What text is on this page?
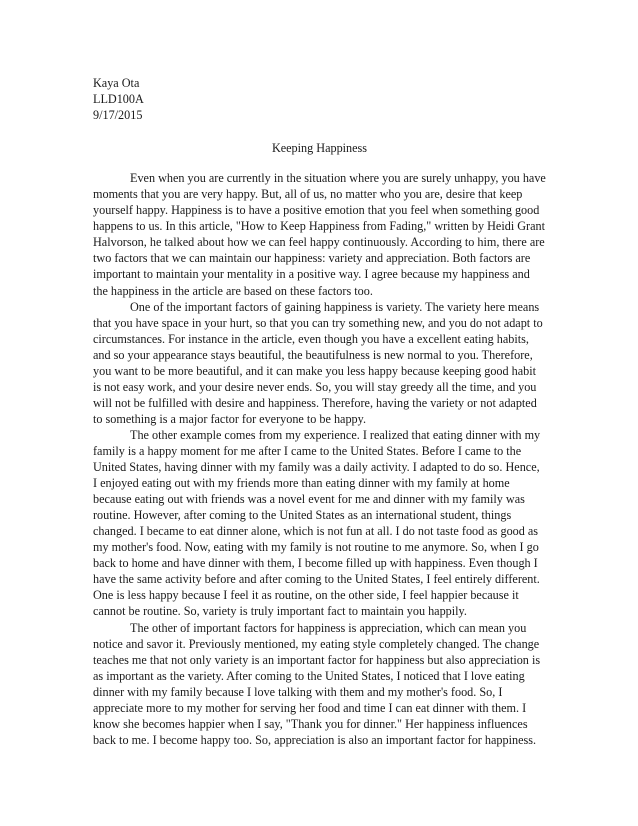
Kaya Ota
LLD100A
9/17/2015
Keeping Happiness

Even when you are currently in the situation where you are surely unhappy, you have moments that you are very happy. But, all of us, no matter who you are, desire that keep yourself happy. Happiness is to have a positive emotion that you feel when something good happens to us. In this article, "How to Keep Happiness from Fading," written by Heidi Grant Halvorson, he talked about how we can feel happy continuously. According to him, there are two factors that we can maintain our happiness: variety and appreciation. Both factors are important to maintain your mentality in a positive way. I agree because my happiness and the happiness in the article are based on these factors too.

One of the important factors of gaining happiness is variety. The variety here means that you have space in your hurt, so that you can try something new, and you do not adapt to circumstances. For instance in the article, even though you have a excellent eating habits, and so your appearance stays beautiful, the beautifulness is new normal to you. Therefore, you want to be more beautiful, and it can make you less happy because keeping good habit is not easy work, and your desire never ends. So, you will stay greedy all the time, and you will not be fulfilled with desire and happiness. Therefore, having the variety or not adapted to something is a major factor for everyone to be happy.

The other example comes from my experience. I realized that eating dinner with my family is a happy moment for me after I came to the United States. Before I came to the United States, having dinner with my family was a daily activity. I adapted to do so. Hence, I enjoyed eating out with my friends more than eating dinner with my family at home because eating out with friends was a novel event for me and dinner with my family was routine. However, after coming to the United States as an international student, things changed. I became to eat dinner alone, which is not fun at all. I do not taste food as good as my mother's food. Now, eating with my family is not routine to me anymore. So, when I go back to home and have dinner with them, I become filled up with happiness. Even though I have the same activity before and after coming to the United States, I feel entirely different. One is less happy because I feel it as routine, on the other side, I feel happier because it cannot be routine. So, variety is truly important fact to maintain you happily.

The other of important factors for happiness is appreciation, which can mean you notice and savor it. Previously mentioned, my eating style completely changed. The change teaches me that not only variety is an important factor for happiness but also appreciation is as important as the variety. After coming to the United States, I noticed that I love eating dinner with my family because I love talking with them and my mother's food. So, I appreciate more to my mother for serving her food and time I can eat dinner with them. I know she becomes happier when I say, "Thank you for dinner." Her happiness influences back to me. I become happy too. So, appreciation is also an important factor for happiness.
